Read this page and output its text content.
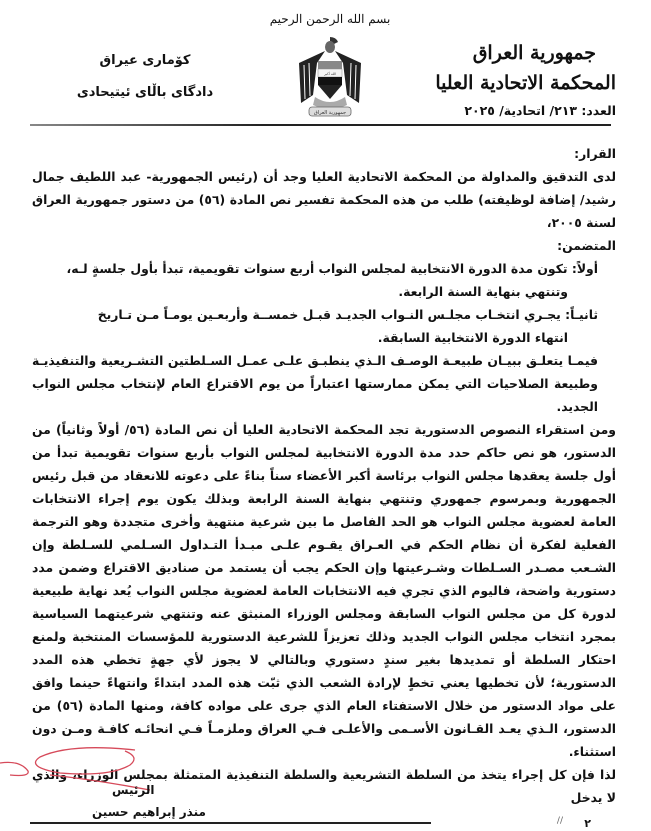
بسم الله الرحمن الرحيم
جمهورية العراق
المحكمة الاتحادية العليا
العدد: ٢١٣/ اتحادية/ ٢٠٢٥
جمهورية العراق
الله أكبر
كۆمارى عيراق
دادگاى باڵاى ئيتيحادى

القرار:

لدى التدقيق والمداولة من المحكمة الاتحادية العليا وجد أن (رئيس الجمهورية- عبد اللطيف جمال رشيد/ إضافة لوظيفته) طلب من هذه المحكمة تفسير نص المادة (٥٦) من دستور جمهورية العراق لسنة ٢٠٠٥،

المتضمن:

أولاً: تكون مدة الدورة الانتخابية لمجلس النواب أربع سنوات تقويمية، تبدأ بأول جلسةٍ لـه،

وتنتهي بنهاية السنة الرابعة.

ثانيـاً: يجـري انتخـاب مجلـس النـواب الجديـد قبـل خمســة وأربعـين يومـاً مـن تـاريخ

انتهاء الدورة الانتخابية السابقة.

فيمـا يتعلـق ببيـان طبيعـة الوصـف الـذي ينطبـق علـى عمـل السـلطتين التشـريعية والتنفيذيـة وطبيعة الصلاحيات التي يمكن ممارستها اعتباراً من يوم الاقتراع العام لإنتخاب مجلس النواب الجديد.

ومن استقراء النصوص الدستورية تجد المحكمة الاتحادية العليا أن نص المادة (٥٦/ أولاً وثانياً) من الدستور، هو نص حاكم حدد مدة الدورة الانتخابية لمجلس النواب بأربع سنوات تقويمية تبدأ من أول جلسة يعقدها مجلس النواب برئاسة أكبر الأعضاء سناً بناءً على دعوته للانعقاد من قبل رئيس الجمهورية وبمرسوم جمهوري وتنتهي بنهاية السنة الرابعة وبذلك يكون يوم إجراء الانتخابات العامة لعضوية مجلس النواب هو الحد الفاصل ما بين شرعية منتهية وأخرى متجددة وهو الترجمة الفعلية لفكرة أن نظام الحكم في العـراق يقـوم علـى مبـدأ التـداول السـلمي للسـلطة وإن الشـعب مصـدر السـلطات وشـرعيتها وإن الحكم يجب أن يستمد من صناديق الاقتراع وضمن مدد دستورية واضحة، فاليوم الذي تجري فيه الانتخابات العامة لعضوية مجلس النواب يُعد نهاية طبيعية لدورة كل من مجلس النواب السابقة ومجلس الوزراء المنبثق عنه وتنتهي شرعيتهما السياسية بمجرد انتخاب مجلس النواب الجديد وذلك تعزيزاً للشرعية الدستورية للمؤسسات المنتخبة ولمنع احتكار السلطة أو تمديدها بغير سندٍ دستوري وبالتالي لا يجوز لأي جهةٍ تخطي هذه المدد الدستورية؛ لأن تخطيها يعني تخطٍ لإرادة الشعب الذي ثبّت هذه المدد ابتداءً وانتهاءً حينما وافق على مواد الدستور من خلال الاستفتاء العام الذي جرى على مواده كافة، ومنها المادة (٥٦) من الدستور، الـذي يعـد القـانون الأسـمى والأعلـى فـي العراق وملزمـاً فـي انحائـه كافـة ومـن دون استثناء.

لذا فإن كل إجراء يتخذ من السلطة التشريعية والسلطة التنفيذية المتمثلة بمجلس الوزراء، والذي لا يدخل

الرئيس
منذر إبراهيم حسين
// ٢
